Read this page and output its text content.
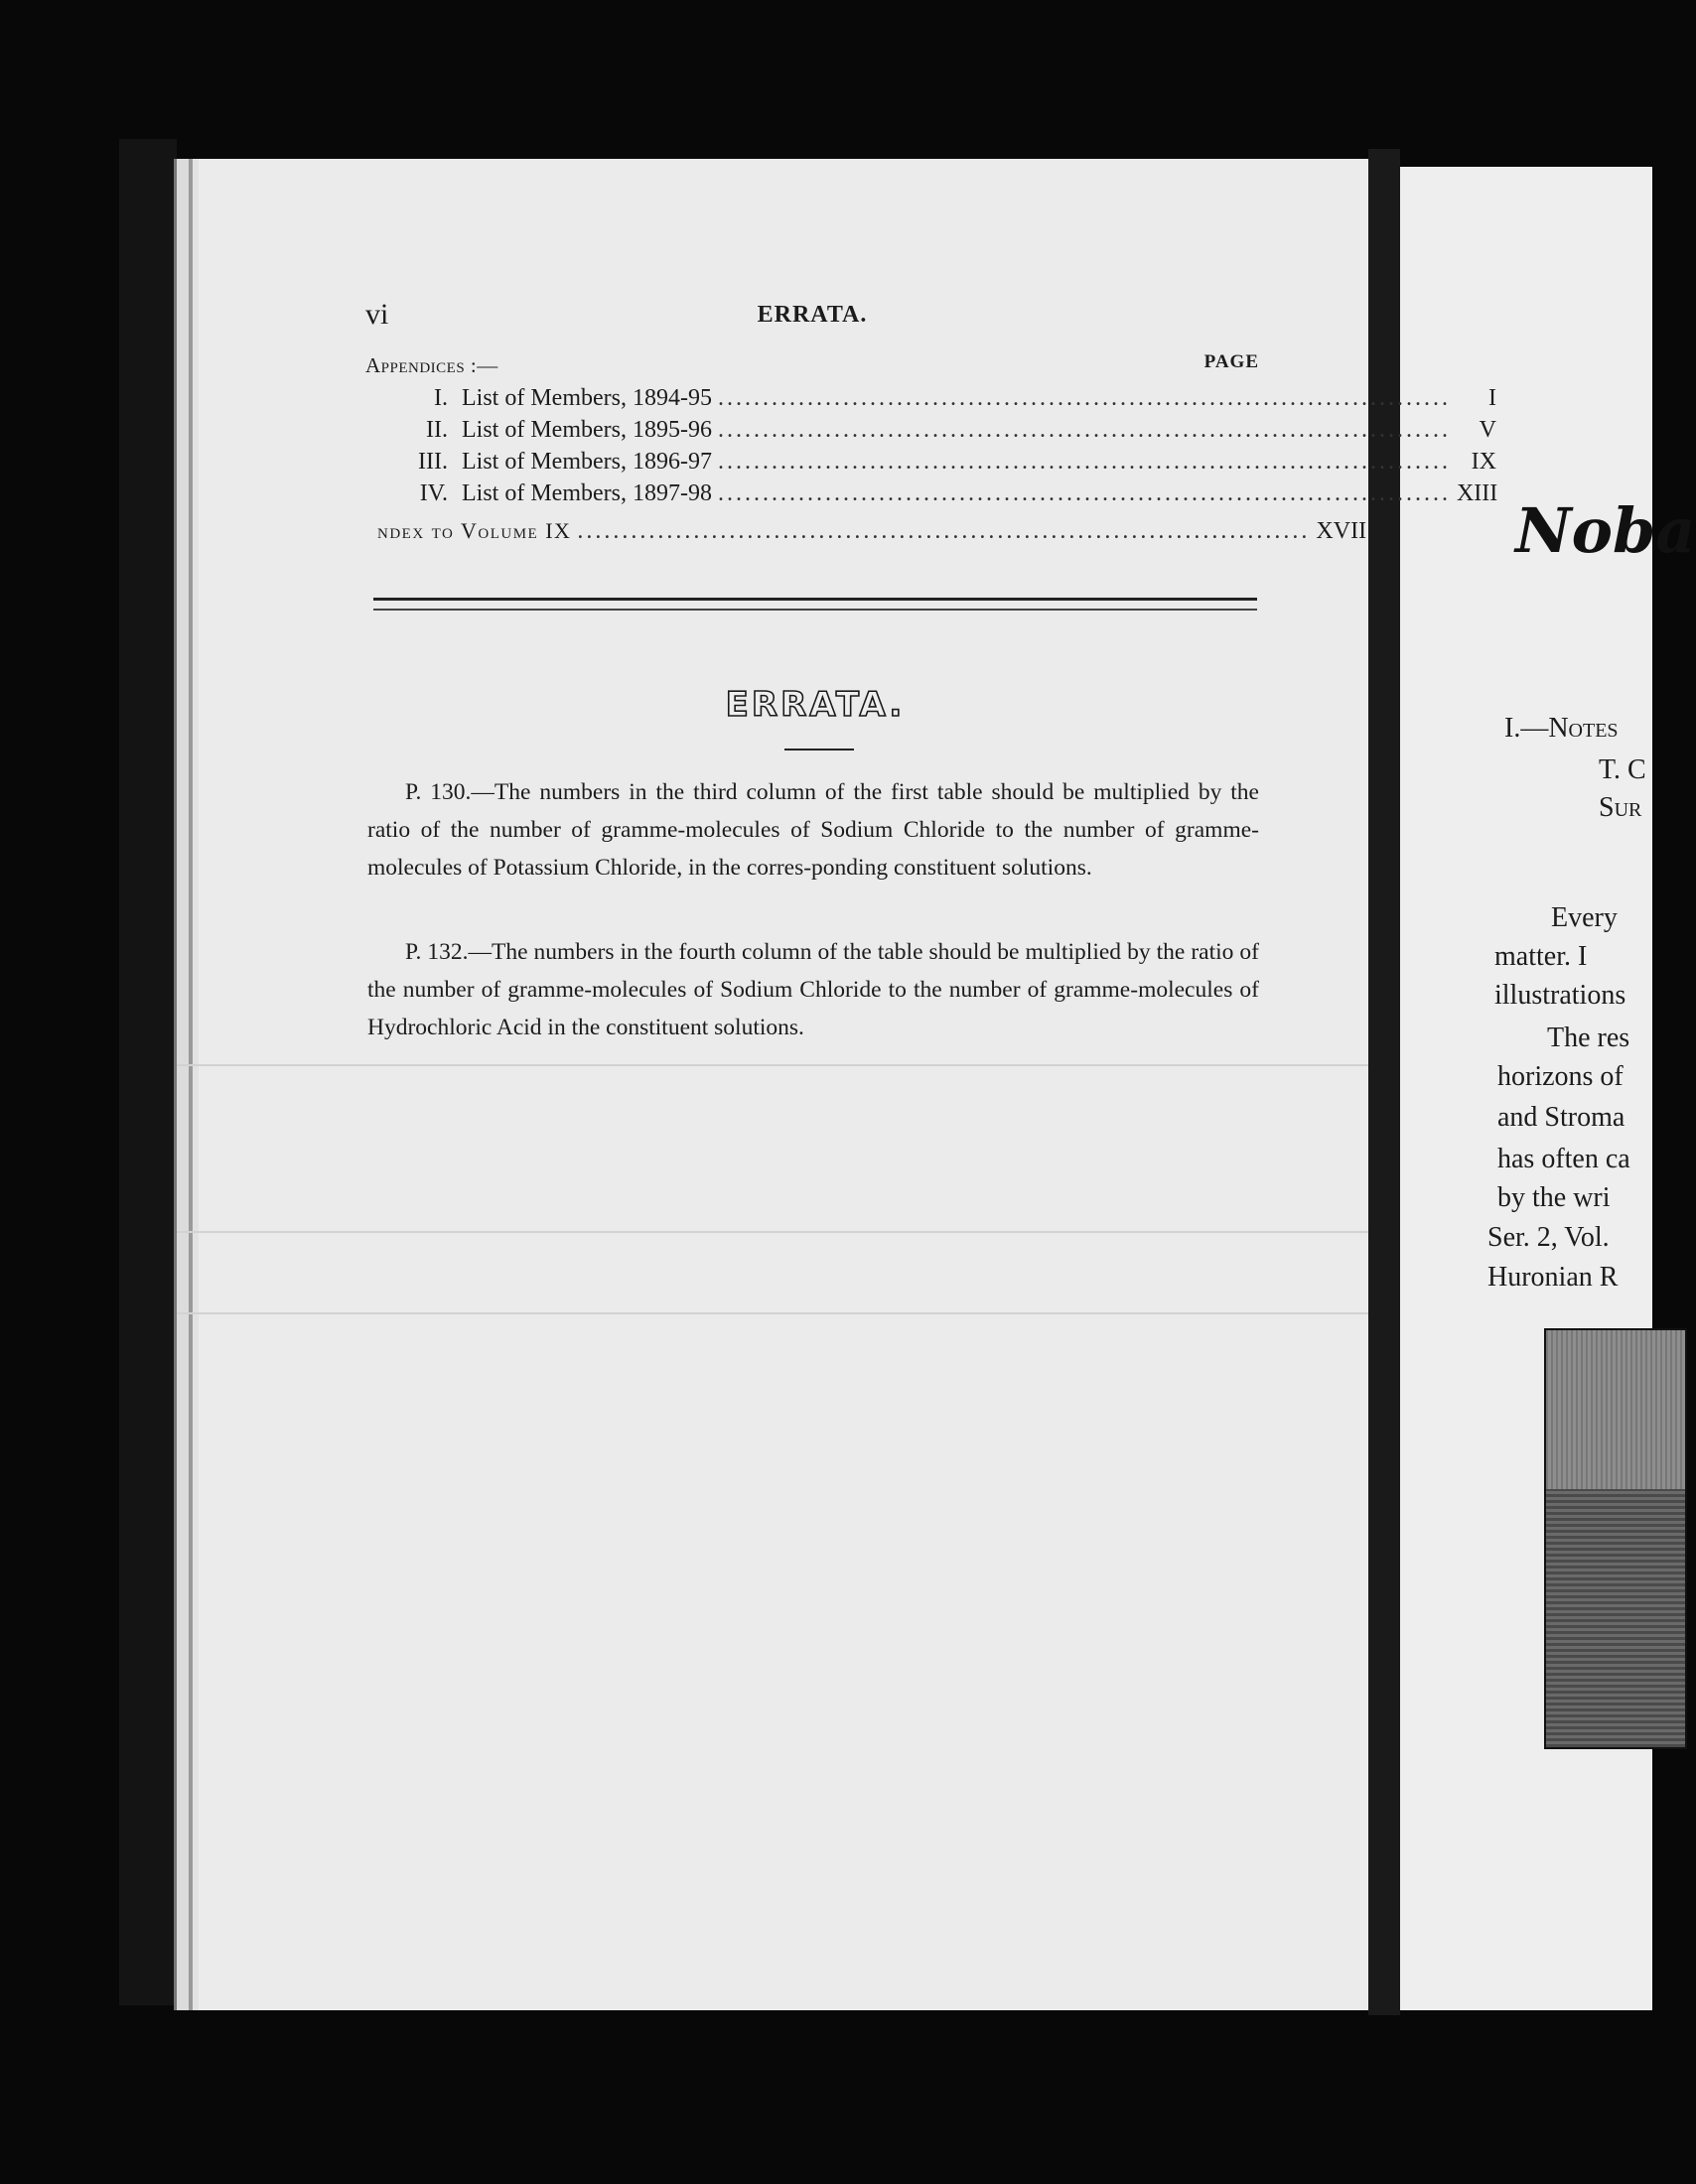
Noba
I.—Notes
T. C
Sur
Every
matter. I
illustrations
The res
horizons of
and Stroma
has often ca
by the wri
Ser. 2, Vol.
Huronian R
vi	ERRATA.
Appendices :—	PAGE
I. List of Members, 1894-95 ..................................................................................	I
II. List of Members, 1895-96 ..................................................................................	V
III. List of Members, 1896-97 .................................................................................. IX
IV. List of Members, 1897-98 .................................................................................. XIII
ndex to Volume IX .................................................................................. XVII
ERRATA.

P. 130.—The numbers in the third column of the first table should be multiplied by the ratio of the number of gramme-molecules of Sodium Chloride to the number of gramme-molecules of Potassium Chloride, in the corres-ponding constituent solutions.

P. 132.—The numbers in the fourth column of the table should be multiplied by the ratio of the number of gramme-molecules of Sodium Chloride to the number of gramme-molecules of Hydrochloric Acid in the constituent solutions.
